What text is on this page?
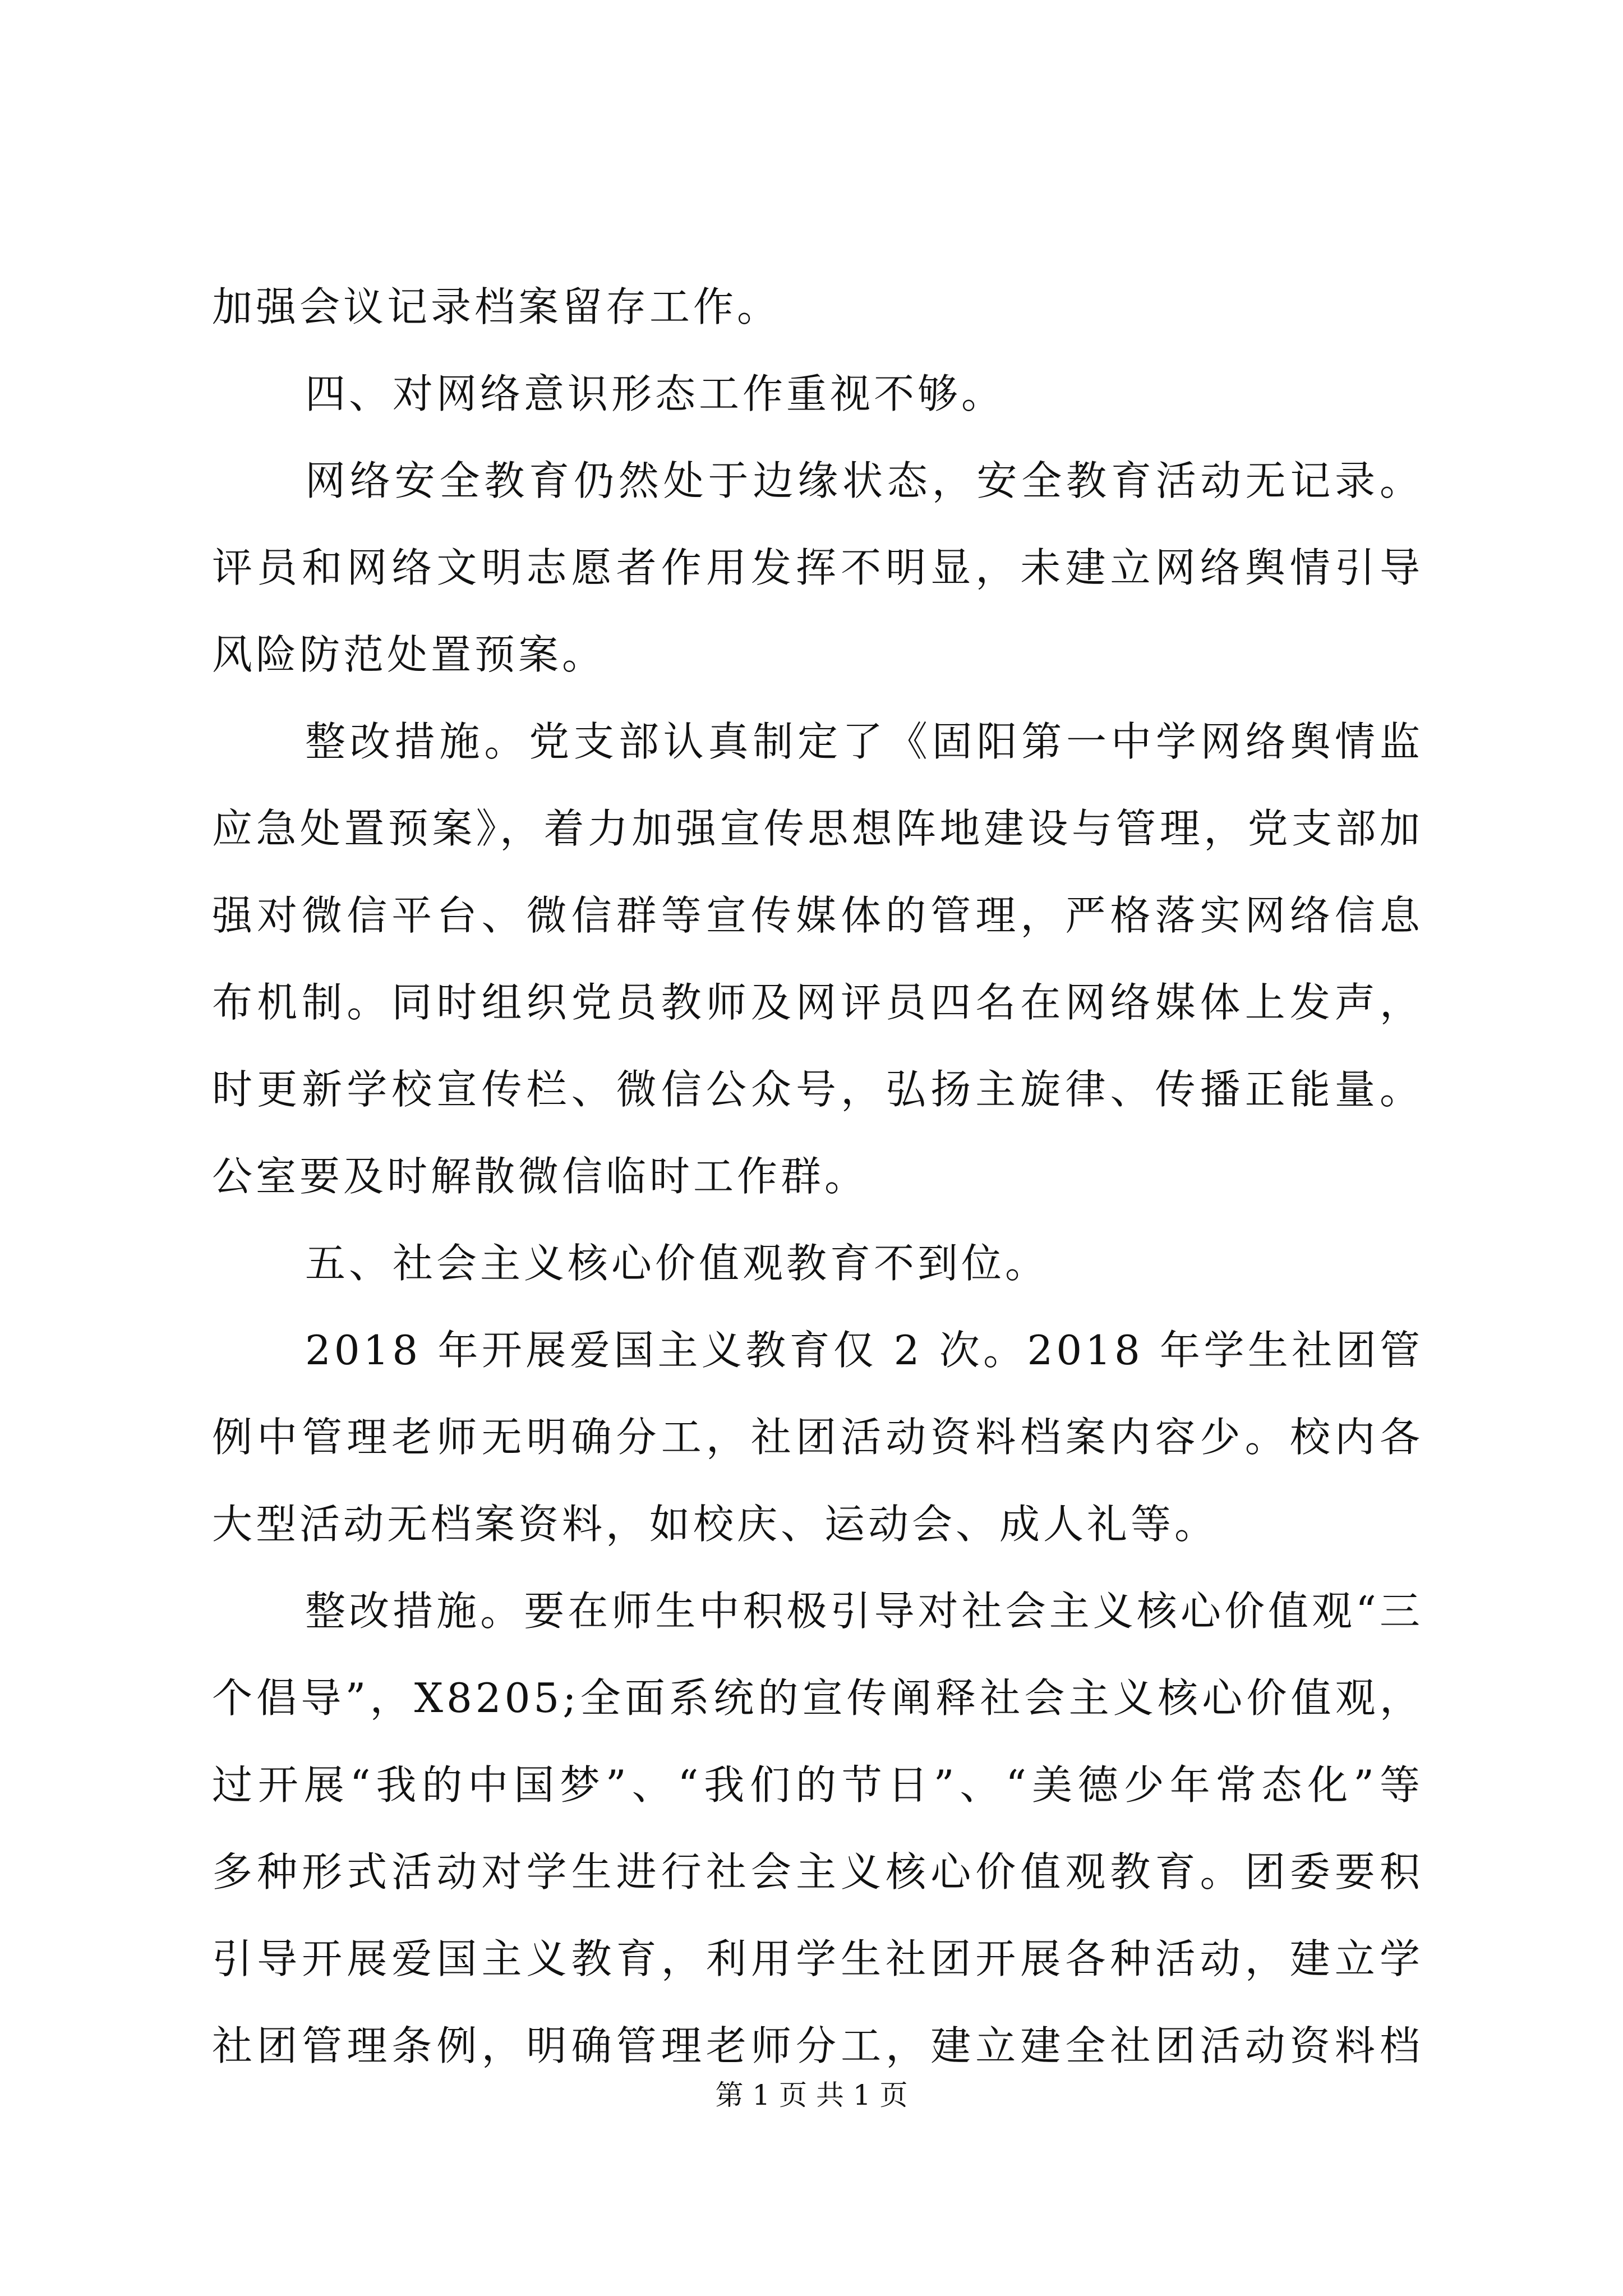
加强会议记录档案留存工作。
四、对网络意识形态工作重视不够。
网络安全教育仍然处于边缘状态，安全教育活动无记录。
评员和网络文明志愿者作用发挥不明显，未建立网络舆情引导
风险防范处置预案。
整改措施。党支部认真制定了《固阳第一中学网络舆情监
应急处置预案》，着力加强宣传思想阵地建设与管理，党支部加
强对微信平台、微信群等宣传媒体的管理，严格落实网络信息
布机制。同时组织党员教师及网评员四名在网络媒体上发声，
时更新学校宣传栏、微信公众号，弘扬主旋律、传播正能量。
公室要及时解散微信临时工作群。
五、社会主义核心价值观教育不到位。
2018 年开展爱国主义教育仅 2 次。2018 年学生社团管
例中管理老师无明确分工，社团活动资料档案内容少。校内各
大型活动无档案资料，如校庆、运动会、成人礼等。
整改措施。要在师生中积极引导对社会主义核心价值观“三
个倡导”，X8205;全面系统的宣传阐释社会主义核心价值观，
过开展“我的中国梦”、“我们的节日”、“美德少年常态化”等
多种形式活动对学生进行社会主义核心价值观教育。团委要积
引导开展爱国主义教育，利用学生社团开展各种活动，建立学
社团管理条例，明确管理老师分工，建立建全社团活动资料档
第 1 页 共 1 页
